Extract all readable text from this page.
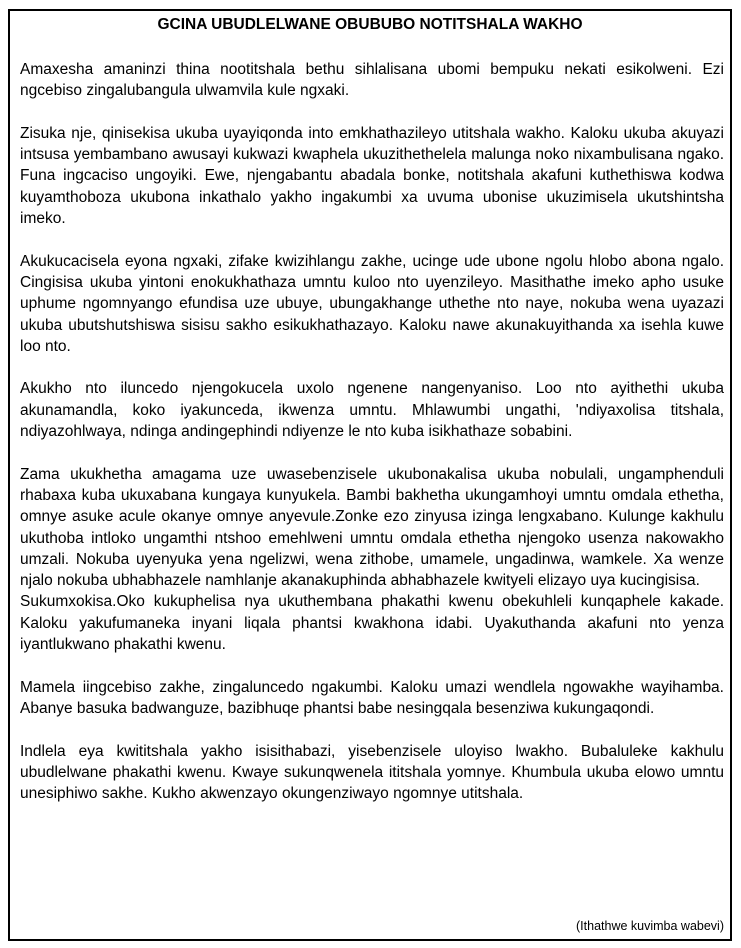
GCINA UBUDLELWANE OBUBUBO NOTITSHALA WAKHO

Amaxesha amaninzi thina nootitshala bethu sihlalisana ubomi bempuku nekati esikolweni. Ezi ngcebiso zingalubangula ulwamvila kule ngxaki.

Zisuka nje, qinisekisa ukuba uyayiqonda into emkhathazileyo utitshala wakho. Kaloku ukuba akuyazi intsusa yembambano awusayi kukwazi kwaphela ukuzithethelela malunga noko nixambulisana ngako. Funa ingcaciso ungoyiki. Ewe, njengabantu abadala bonke, notitshala akafuni kuthethiswa kodwa kuyamthoboza ukubona inkathalo yakho ingakumbi xa uvuma ubonise ukuzimisela ukutshintsha imeko.

Akukucacisela eyona ngxaki, zifake kwizihlangu zakhe, ucinge ude ubone ngolu hlobo abona ngalo. Cingisisa ukuba yintoni enokukhathaza umntu kuloo nto uyenzileyo. Masithathe imeko apho usuke uphume ngomnyango efundisa uze ubuye, ubungakhange uthethe nto naye, nokuba wena uyazazi ukuba ubutshutshiswa sisisu sakho esikukhathazayo. Kaloku nawe akunakuyithanda xa isehla kuwe loo nto.

Akukho nto iluncedo njengokucela uxolo ngenene nangenyaniso. Loo nto ayithethi ukuba akunamandla, koko iyakunceda, ikwenza umntu. Mhlawumbi ungathi, 'ndiyaxolisa titshala, ndiyazohlwaya, ndinga andingephindi ndiyenze le nto kuba isikhathaze sobabini.

Zama ukukhetha amagama uze uwasebenzisele ukubonakalisa ukuba nobulali, ungamphenduli rhabaxa kuba ukuxabana kungaya kunyukela. Bambi bakhetha ukungamhoyi umntu omdala ethetha, omnye asuke acule okanye omnye anyevule.Zonke ezo zinyusa izinga lengxabano. Kulunge kakhulu ukuthoba intloko ungamthi ntshoo emehlweni umntu omdala ethetha njengoko usenza nakowakho umzali. Nokuba uyenyuka yena ngelizwi, wena zithobe, umamele, ungadinwa, wamkele. Xa wenze njalo nokuba ubhabhazele namhlanje akanakuphinda abhabhazele kwityeli elizayo uya kucingisisa.

Sukumxokisa.Oko kukuphelisa nya ukuthembana phakathi kwenu obekuhleli kunqaphele kakade. Kaloku yakufumaneka inyani liqala phantsi kwakhona idabi. Uyakuthanda akafuni nto yenza iyantlukwano phakathi kwenu.

Mamela iingcebiso zakhe, zingaluncedo ngakumbi. Kaloku umazi wendlela ngowakhe wayihamba. Abanye basuka badwanguze, bazibhuqe phantsi babe nesingqala besenziwa kukungaqondi.

Indlela eya kwititshala yakho isisithabazi, yisebenzisele uloyiso lwakho. Bubaluleke kakhulu ubudlelwane phakathi kwenu. Kwaye sukunqwenela ititshala yomnye. Khumbula ukuba elowo umntu unesiphiwo sakhe. Kukho akwenzayo okungenziwayo ngomnye utitshala.

(Ithathwe kuvimba wabevi)
